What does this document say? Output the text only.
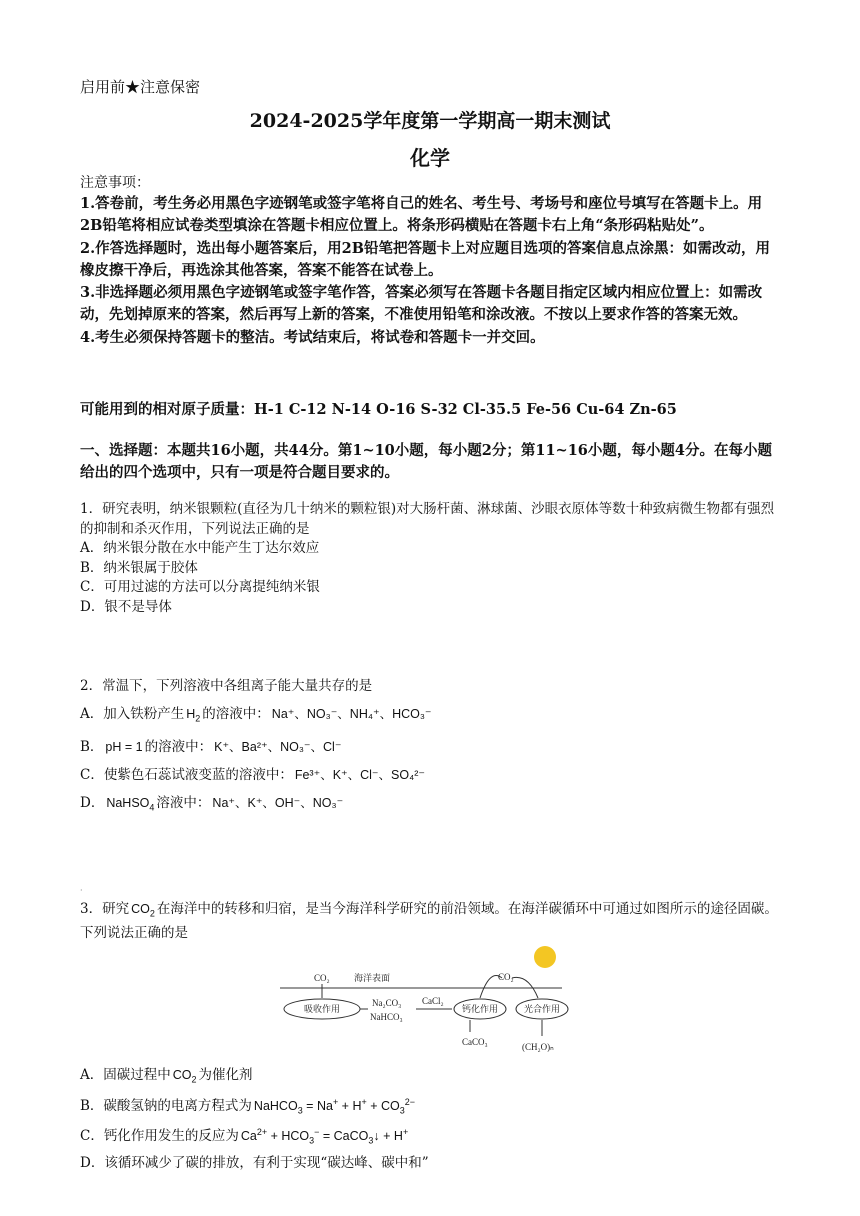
启用前★注意保密
2024-2025学年度第一学期高一期末测试
化学
注意事项：

1.答卷前，考生务必用黑色字迹钢笔或签字笔将自己的姓名、考生号、考场号和座位号填写在答题卡上。用2B铅笔将相应试卷类型填涂在答题卡相应位置上。将条形码横贴在答题卡右上角“条形码粘贴处”。

2.作答选择题时，选出每小题答案后，用2B铅笔把答题卡上对应题目选项的答案信息点涂黑：如需改动，用橡皮擦干净后，再选涂其他答案，答案不能答在试卷上。

3.非选择题必须用黑色字迹钢笔或签字笔作答，答案必须写在答题卡各题目指定区域内相应位置上：如需改动，先划掉原来的答案，然后再写上新的答案，不准使用铅笔和涂改液。不按以上要求作答的答案无效。

4.考生必须保持答题卡的整洁。考试结束后，将试卷和答题卡一并交回。

可能用到的相对原子质量：H-1 C-12 N-14 O-16 S-32 Cl-35.5 Fe-56 Cu-64 Zn-65
一、选择题：本题共16小题，共44分。第1~10小题，每小题2分；第11~16小题，每小题4分。在每小题给出的四个选项中，只有一项是符合题目要求的。

1．研究表明，纳米银颗粒(直径为几十纳米的颗粒银)对大肠杆菌、淋球菌、沙眼衣原体等数十种致病微生物都有强烈的抑制和杀灭作用，下列说法正确的是

A．纳米银分散在水中能产生丁达尔效应

B．纳米银属于胶体

C．可用过滤的方法可以分离提纯纳米银

D．银不是导体

2．常温下，下列溶液中各组离子能大量共存的是

A．加入铁粉产生 $H_2$ 的溶液中： Na⁺、NO₃⁻、NH₄⁺、HCO₃⁻

B． pH = 1 的溶液中： K⁺、Ba²⁺、NO₃⁻、Cl⁻

C．使紫色石蕊试液变蓝的溶液中： Fe³⁺、K⁺、Cl⁻、SO₄²⁻

D． NaHSO$_4$ 溶液中： Na⁺、K⁺、OH⁻、NO₃⁻

·

3．研究 $CO_2$ 在海洋中的转移和归宿，是当今海洋科学研究的前沿领域。在海洋碳循环中可通过如图所示的途径固碳。下列说法正确的是

CO₂	海洋表面
吸收作用
Na₂CO₃
NaHCO₃
CaCl₂
钙化作用	光合作用
CO₂
CaCO₃	(CH₂O)ₙ

A．固碳过程中 $CO_2$ 为催化剂

B．碳酸氢钠的电离方程式为 NaHCO$_3$ = $Na^+ + H^+ + CO_3^{2-}$

C．钙化作用发生的反应为 $Ca^{2+} + HCO_3^-$ = CaCO$_3$↓ + H+

D．该循环减少了碳的排放，有利于实现“碳达峰、碳中和”
